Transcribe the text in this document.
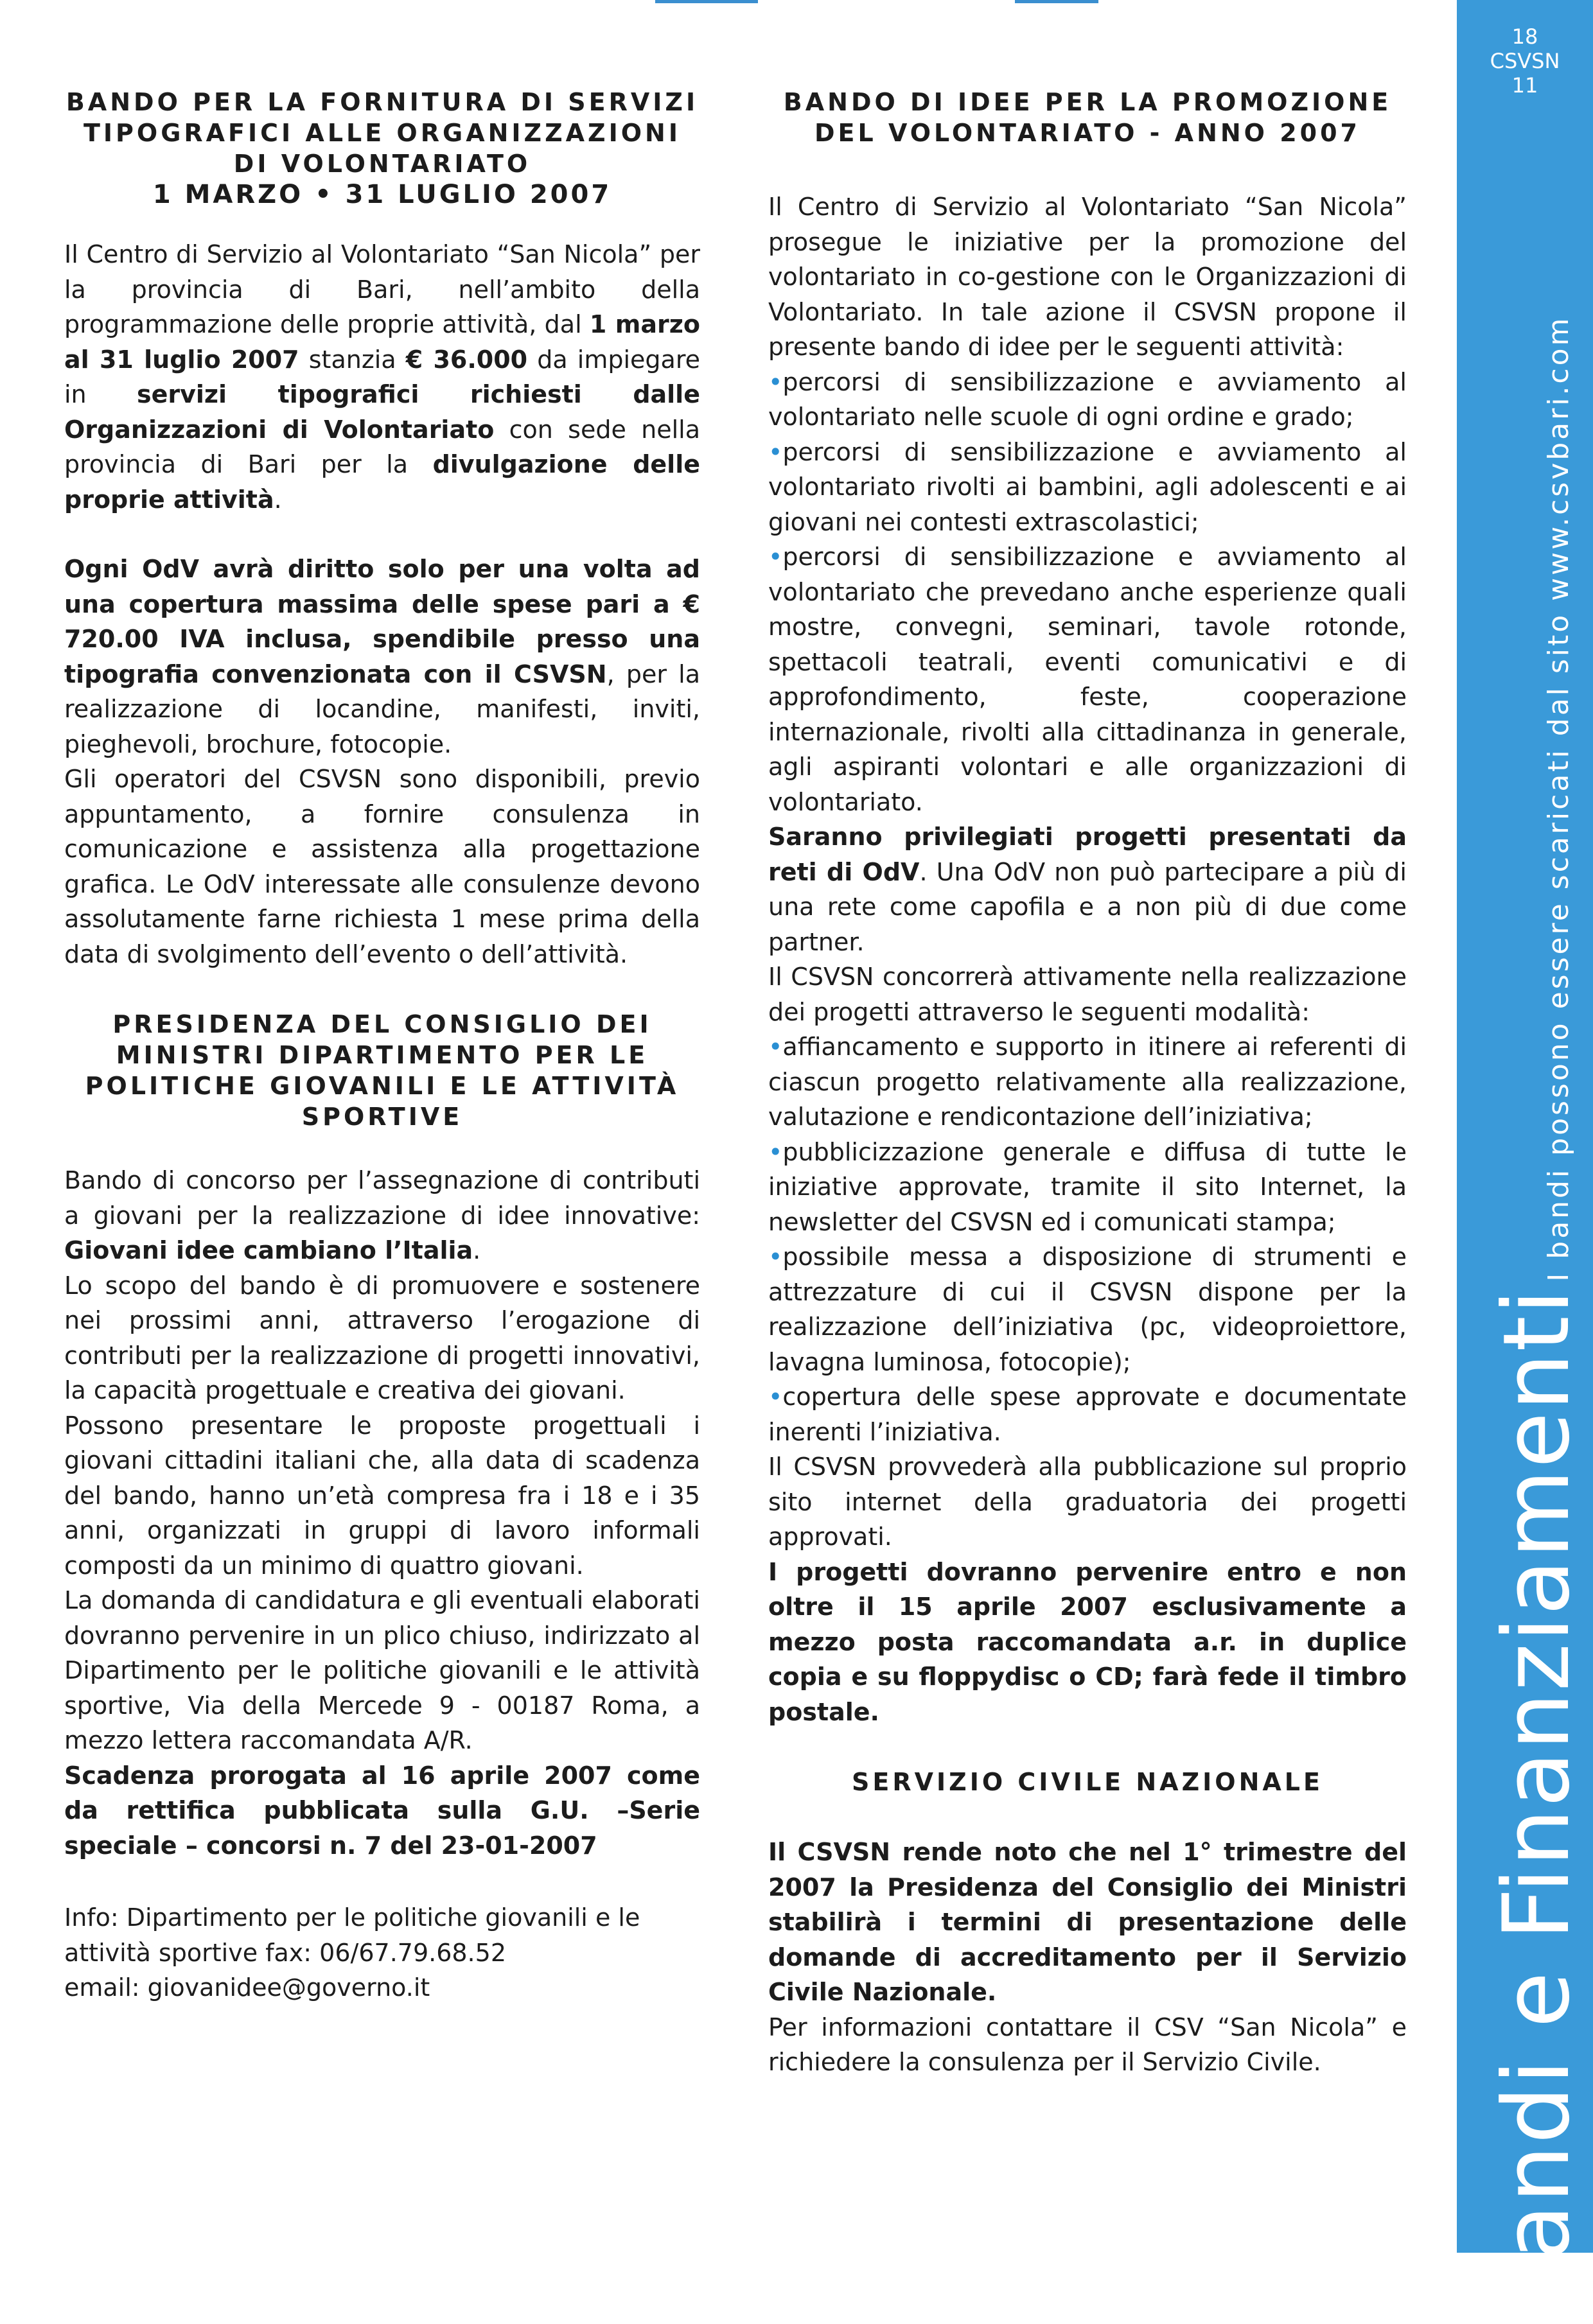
BANDO PER LA FORNITURA DI SERVIZI
TIPOGRAFICI ALLE ORGANIZZAZIONI
DI VOLONTARIATO
1 MARZO • 31 LUGLIO 2007

Il Centro di Servizio al Volontariato “San Nicola” per la provincia di Bari, nell’ambito della programmazione delle proprie attività, dal 1 marzo al 31 luglio 2007 stanzia € 36.000 da impiegare in servizi tipografici richiesti dalle Organizzazioni di Volontariato con sede nella provincia di Bari per la divulgazione delle proprie attività.

Ogni OdV avrà diritto solo per una volta ad una copertura massima delle spese pari a € 720.00 IVA inclusa, spendibile presso una tipografia convenzionata con il CSVSN, per la realizzazione di locandine, manifesti, inviti, pieghevoli, brochure, fotocopie.

Gli operatori del CSVSN sono disponibili, previo appuntamento, a fornire consulenza in comunicazione e assistenza alla progettazione grafica. Le OdV interessate alle consulenze devono assolutamente farne richiesta 1 mese prima della data di svolgimento dell’evento o dell’attività.

PRESIDENZA DEL CONSIGLIO DEI
MINISTRI DIPARTIMENTO PER LE
POLITICHE GIOVANILI E LE ATTIVITÀ
SPORTIVE

Bando di concorso per l’assegnazione di contributi a giovani per la realizzazione di idee innovative: Giovani idee cambiano l’Italia.

Lo scopo del bando è di promuovere e sostenere nei prossimi anni, attraverso l’erogazione di contributi per la realizzazione di progetti innovativi, la capacità progettuale e creativa dei giovani.

Possono presentare le proposte progettuali i giovani cittadini italiani che, alla data di scadenza del bando, hanno un’età compresa fra i 18 e i 35 anni, organizzati in gruppi di lavoro informali composti da un minimo di quattro giovani.

La domanda di candidatura e gli eventuali elaborati dovranno pervenire in un plico chiuso, indirizzato al Dipartimento per le politiche giovanili e le attività sportive, Via della Mercede 9 - 00187 Roma, a mezzo lettera raccomandata A/R.

Scadenza prorogata al 16 aprile 2007 come da rettifica pubblicata sulla G.U. –Serie speciale – concorsi n. 7 del 23-01-2007

Info: Dipartimento per le politiche giovanili e le attività sportive fax: 06/67.79.68.52
email: giovanidee@governo.it

BANDO DI IDEE PER LA PROMOZIONE
DEL VOLONTARIATO - ANNO 2007

Il Centro di Servizio al Volontariato “San Nicola” prosegue le iniziative per la promozione del volontariato in co-gestione con le Organizzazioni di Volontariato. In tale azione il CSVSN propone il presente bando di idee per le seguenti attività:

•percorsi di sensibilizzazione e avviamento al volontariato nelle scuole di ogni ordine e grado;

•percorsi di sensibilizzazione e avviamento al volontariato rivolti ai bambini, agli adolescenti e ai giovani nei contesti extrascolastici;

•percorsi di sensibilizzazione e avviamento al volontariato che prevedano anche esperienze quali mostre, convegni, seminari, tavole rotonde, spettacoli teatrali, eventi comunicativi e di approfondimento, feste, cooperazione internazionale, rivolti alla cittadinanza in generale, agli aspiranti volontari e alle organizzazioni di volontariato.

Saranno privilegiati progetti presentati da reti di OdV. Una OdV non può partecipare a più di una rete come capofila e a non più di due come partner.

Il CSVSN concorrerà attivamente nella realizzazione dei progetti attraverso le seguenti modalità:

•affiancamento e supporto in itinere ai referenti di ciascun progetto relativamente alla realizzazione, valutazione e rendicontazione dell’iniziativa;

•pubblicizzazione generale e diffusa di tutte le iniziative approvate, tramite il sito Internet, la newsletter del CSVSN ed i comunicati stampa;

•possibile messa a disposizione di strumenti e attrezzature di cui il CSVSN dispone per la realizzazione dell’iniziativa (pc, videoproiettore, lavagna luminosa, fotocopie);

•copertura delle spese approvate e documentate inerenti l’iniziativa.

Il CSVSN provvederà alla pubblicazione sul proprio sito internet della graduatoria dei progetti approvati.

I progetti dovranno pervenire entro e non oltre il 15 aprile 2007 esclusivamente a mezzo posta raccomandata a.r. in duplice copia e su floppydisc o CD; farà fede il timbro postale.

SERVIZIO CIVILE NAZIONALE

Il CSVSN rende noto che nel 1° trimestre del 2007 la Presidenza del Consiglio dei Ministri stabilirà i termini di presentazione delle domande di accreditamento per il Servizio Civile Nazionale.

Per informazioni contattare il CSV “San Nicola” e richiedere la consulenza per il Servizio Civile.

18
CSVSN
11
Bandi e FinanziamentiI bandi possono essere scaricati dal sito www.csvbari.com
